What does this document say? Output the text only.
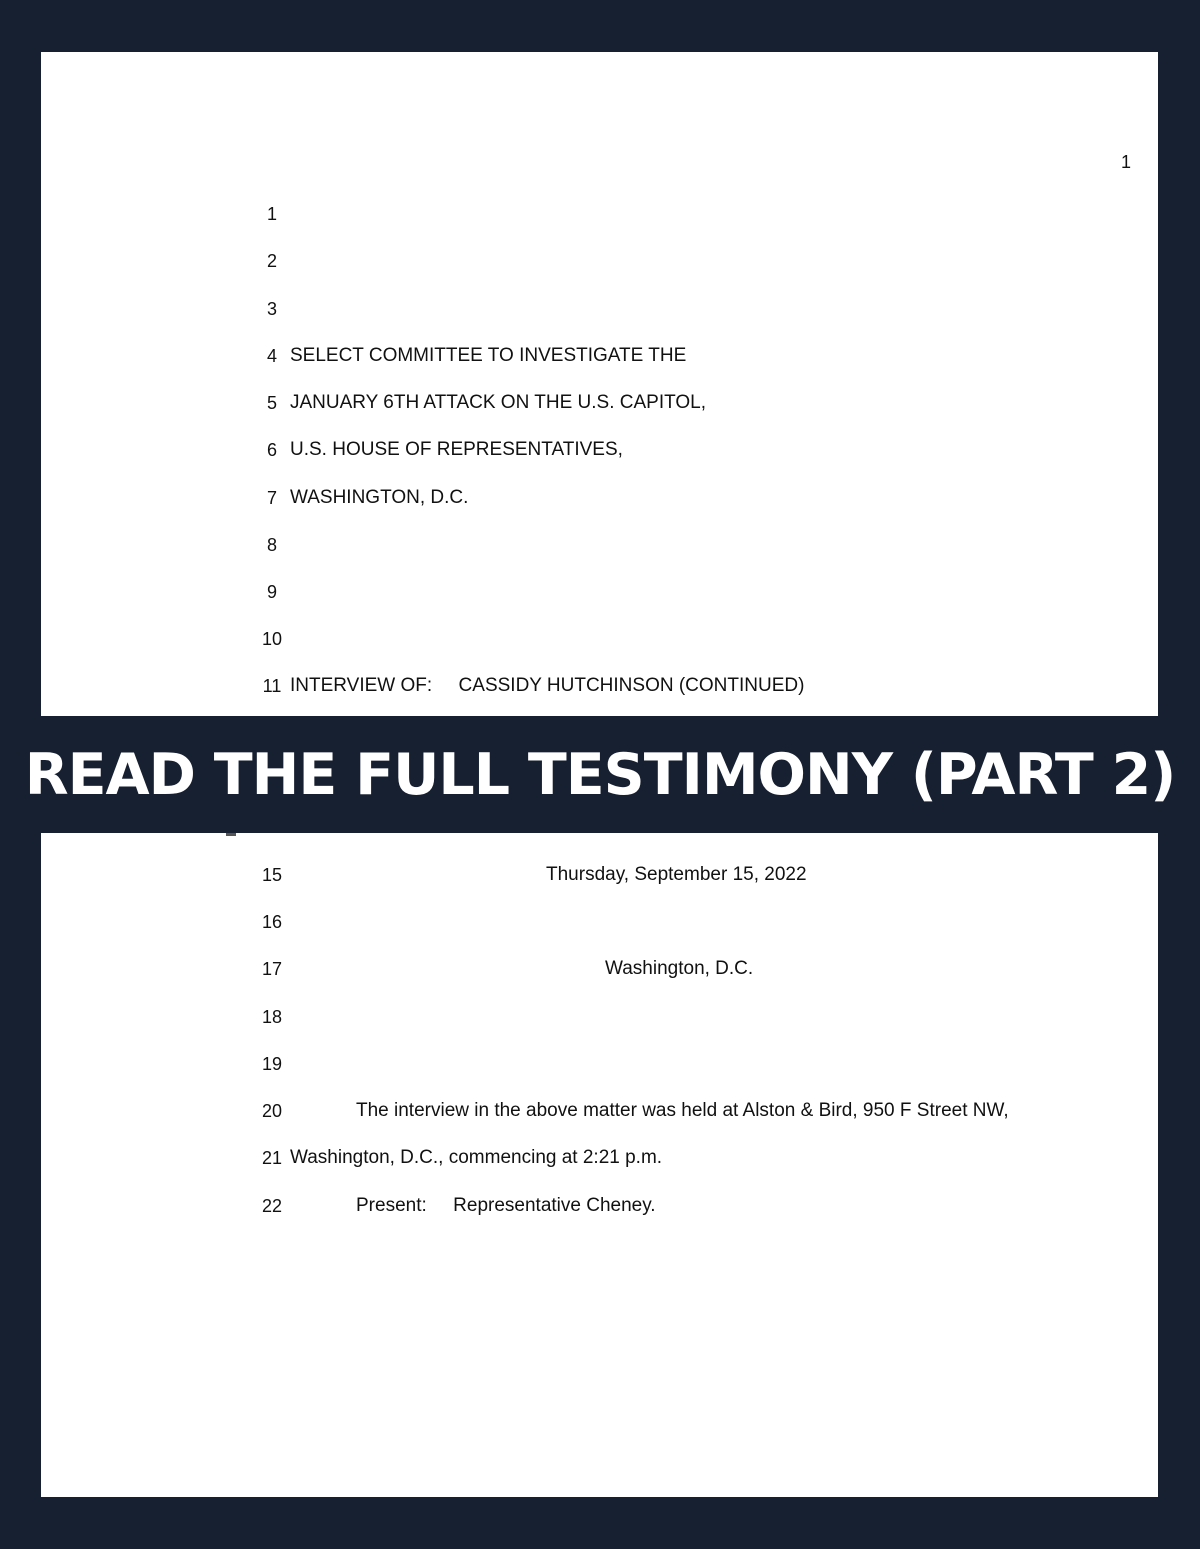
1
1
2
3
4 SELECT COMMITTEE TO INVESTIGATE THE
5 JANUARY 6TH ATTACK ON THE U.S. CAPITOL,
6 U.S. HOUSE OF REPRESENTATIVES,
7 WASHINGTON, D.C.
8
9
10
11 INTERVIEW OF:     CASSIDY HUTCHINSON (CONTINUED)
15	Thursday, September 15, 2022
16
17	Washington, D.C.
18
19
20	The interview in the above matter was held at Alston & Bird, 950 F Street NW,
21 Washington, D.C., commencing at 2:21 p.m.
22	Present:     Representative Cheney.
READ THE FULL TESTIMONY (PART 2)
